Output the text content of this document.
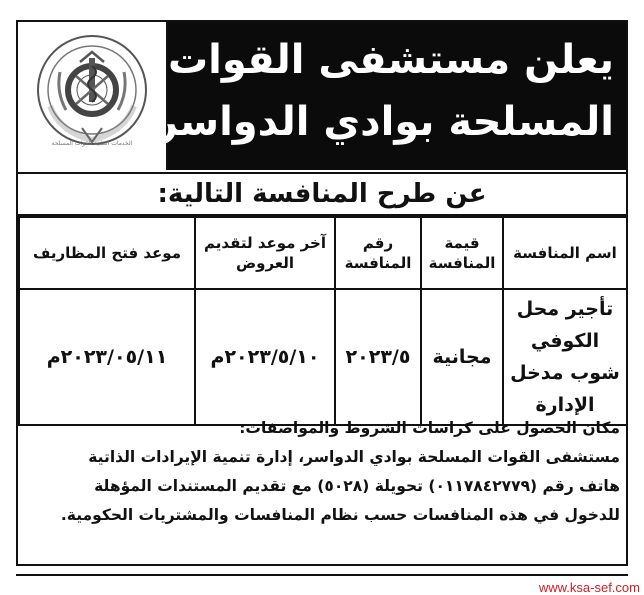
الخدمات الطبية للقوات المسلحة
يعلن مستشفى القوات
المسلحة بوادي الدواسر
عن طرح المنافسة التالية:
اسم المنافسة	قيمة المنافسة	رقم المنافسة	آخر موعد لتقديم العروض	موعد فتح المظاريف
تأجير محل الكوفي شوب مدخل الإدارة	مجانية	٢٠٢٣/٥	٢٠٢٣/٥/١٠م	٢٠٢٣/٠٥/١١م
مكان الحصول على كراسات الشروط والمواصفات:
مستشفى القوات المسلحة بوادي الدواسر، إدارة تنمية الإيرادات الذاتية
هاتف رقم (٠١١٧٨٤٢٧٧٩) تحويلة (٥٠٢٨) مع تقديم المستندات المؤهلة
للدخول في هذه المنافسات حسب نظام المنافسات والمشتريات الحكومية.
www.ksa-sef.com
